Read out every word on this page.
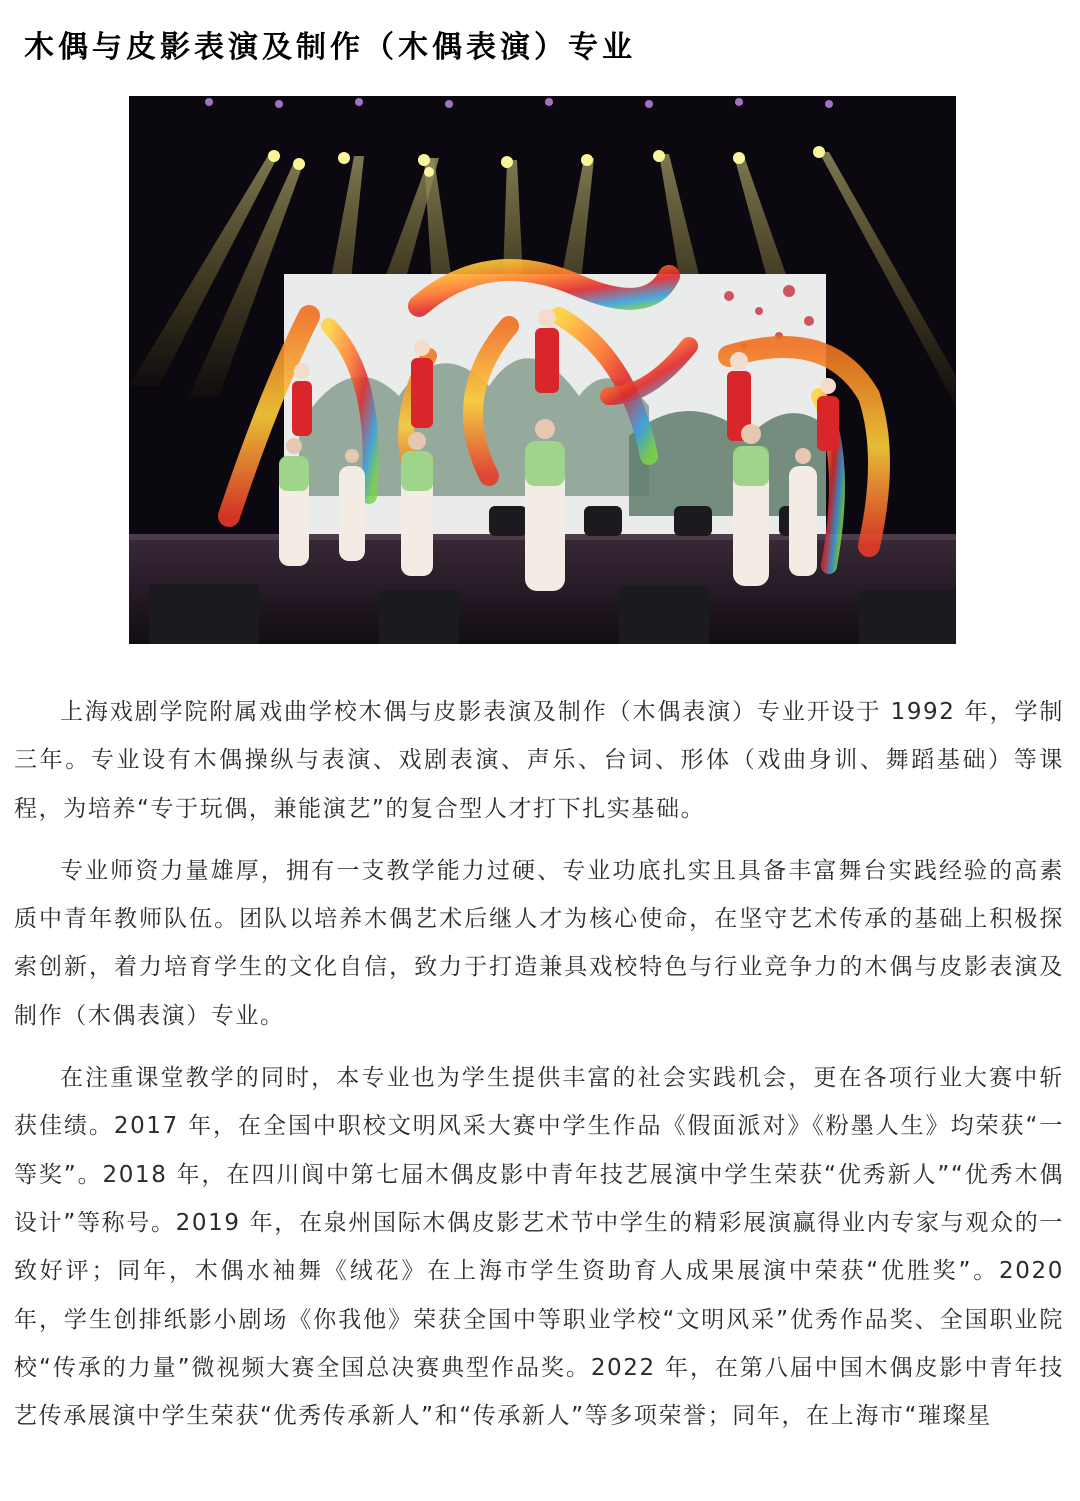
木偶与皮影表演及制作（木偶表演）专业

上海戏剧学院附属戏曲学校木偶与皮影表演及制作（木偶表演）专业开设于 1992 年，学制三年。专业设有木偶操纵与表演、戏剧表演、声乐、台词、形体（戏曲身训、舞蹈基础）等课程，为培养“专于玩偶，兼能演艺”的复合型人才打下扎实基础。

专业师资力量雄厚，拥有一支教学能力过硬、专业功底扎实且具备丰富舞台实践经验的高素质中青年教师队伍。团队以培养木偶艺术后继人才为核心使命，在坚守艺术传承的基础上积极探索创新，着力培育学生的文化自信，致力于打造兼具戏校特色与行业竞争力的木偶与皮影表演及制作（木偶表演）专业。

在注重课堂教学的同时，本专业也为学生提供丰富的社会实践机会，更在各项行业大赛中斩获佳绩。2017 年，在全国中职校文明风采大赛中学生作品《假面派对》《粉墨人生》均荣获“一等奖”。2018 年，在四川阆中第七届木偶皮影中青年技艺展演中学生荣获“优秀新人”“优秀木偶设计”等称号。2019 年，在泉州国际木偶皮影艺术节中学生的精彩展演赢得业内专家与观众的一致好评；同年，木偶水袖舞《绒花》在上海市学生资助育人成果展演中荣获“优胜奖”。2020 年，学生创排纸影小剧场《你我他》荣获全国中等职业学校“文明风采”优秀作品奖、全国职业院校“传承的力量”微视频大赛全国总决赛典型作品奖。2022 年，在第八届中国木偶皮影中青年技艺传承展演中学生荣获“优秀传承新人”和“传承新人”等多项荣誉；同年，在上海市“璀璨星
